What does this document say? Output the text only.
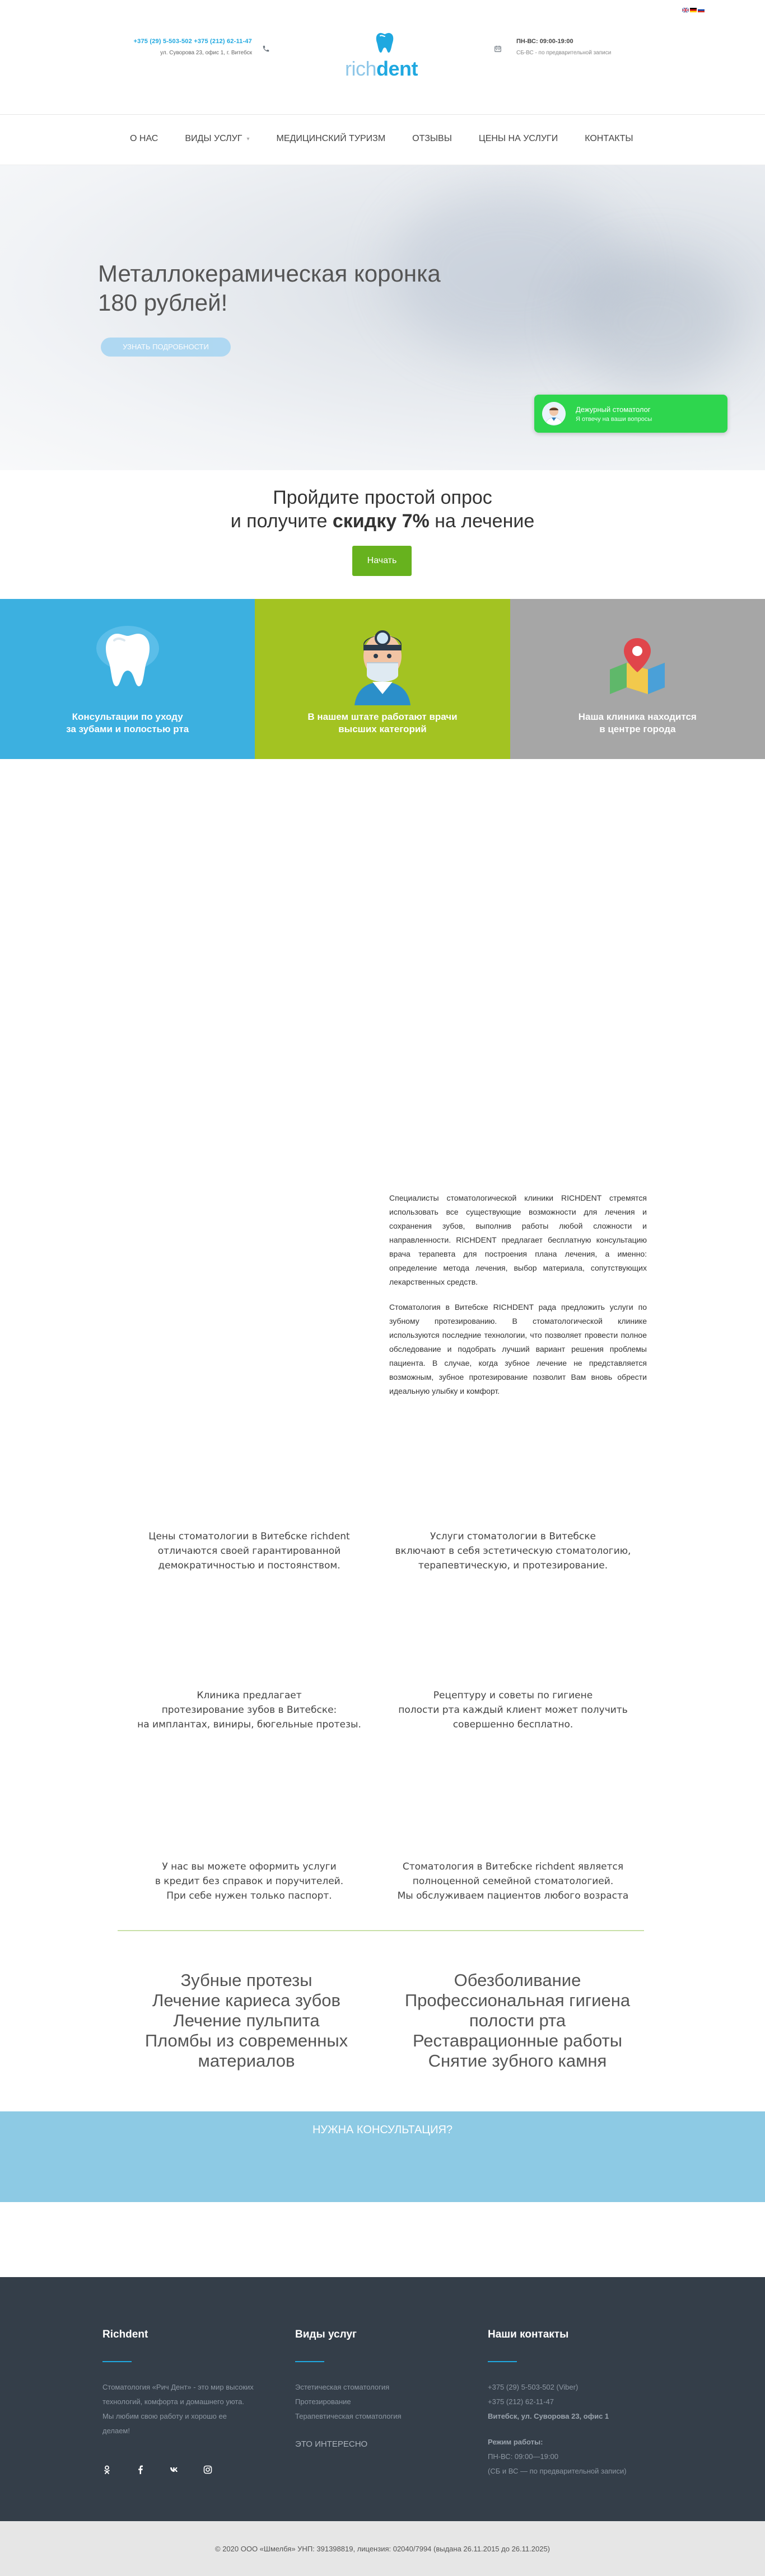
+375 (29) 5-503-502 +375 (212) 62-11-47
ул. Суворова 23, офис 1, г. Витебск
richdent
ПН-ВС: 09:00-19:00
СБ-ВС - по предварительной записи
О НАС	ВИДЫ УСЛУГ ▾	МЕДИЦИНСКИЙ ТУРИЗМ	ОТЗЫВЫ	ЦЕНЫ НА УСЛУГИ	КОНТАКТЫ
Металлокерамическая коронка
180 рублей!
УЗНАТЬ ПОДРОБНОСТИ
Дежурный стоматолог
Я отвечу на ваши вопросы
Пройдите простой опрос
и получите скидку 7% на лечение
Начать
Консультации по уходу
за зубами и полостью рта
В нашем штате работают врачи
высших категорий
Наша клиника находится
в центре города

Специалисты стоматологической клиники RICHDENT стремятся использовать все существующие возможности для лечения и сохранения зубов, выполнив работы любой сложности и направленности. RICHDENT предлагает бесплатную консультацию врача терапевта для построения плана лечения, а именно: определение метода лечения, выбор материала, сопутствующих лекарственных средств.

Стоматология в Витебске RICHDENT рада предложить услуги по зубному протезированию. В стоматологической клинике используются последние технологии, что позволяет провести полное обследование и подобрать лучший вариант решения проблемы пациента. В случае, когда зубное лечение не представляется возможным, зубное протезирование позволит Вам вновь обрести идеальную улыбку и комфорт.

Цены стоматологии в Витебске richdent
отличаются своей гарантированной
демократичностью и постоянством.
Услуги стоматологии в Витебске
включают в себя эстетическую стоматологию,
терапевтическую, и протезирование.
Клиника предлагает
протезирование зубов в Витебске:
на имплантах, виниры, бюгельные протезы.
Рецептуру и советы по гигиене
полости рта каждый клиент может получить
совершенно бесплатно.
У нас вы можете оформить услуги
в кредит без справок и поручителей.
При себе нужен только паспорт.
Стоматология в Витебске richdent является
полноценной семейной стоматологией.
Мы обслуживаем пациентов любого возраста
Зубные протезы
Лечение кариеса зубов
Лечение пульпита
Пломбы из современных
материалов
Обезболивание
Профессиональная гигиена
полости рта
Реставрационные работы
Снятие зубного камня
НУЖНА КОНСУЛЬТАЦИЯ?
Richdent
Стоматология «Рич Дент» - это мир высоких
технологий, комфорта и домашнего уюта.
Мы любим свою работу и хорошо ее
делаем!
Виды услуг
Эстетическая стоматология
Протезирование
Терапевтическая стоматология
ЭТО ИНТЕРЕСНО
Наши контакты
+375 (29) 5-503-502 (Viber)
+375 (212) 62-11-47
Витебск, ул. Суворова 23, офис 1
Режим работы:
ПН-ВС: 09:00—19:00
(СБ и ВС — по предварительной записи)
© 2020 ООО «Шмелбя» УНП: 391398819, лицензия: 02040/7994 (выдана 26.11.2015 до 26.11.2025)
